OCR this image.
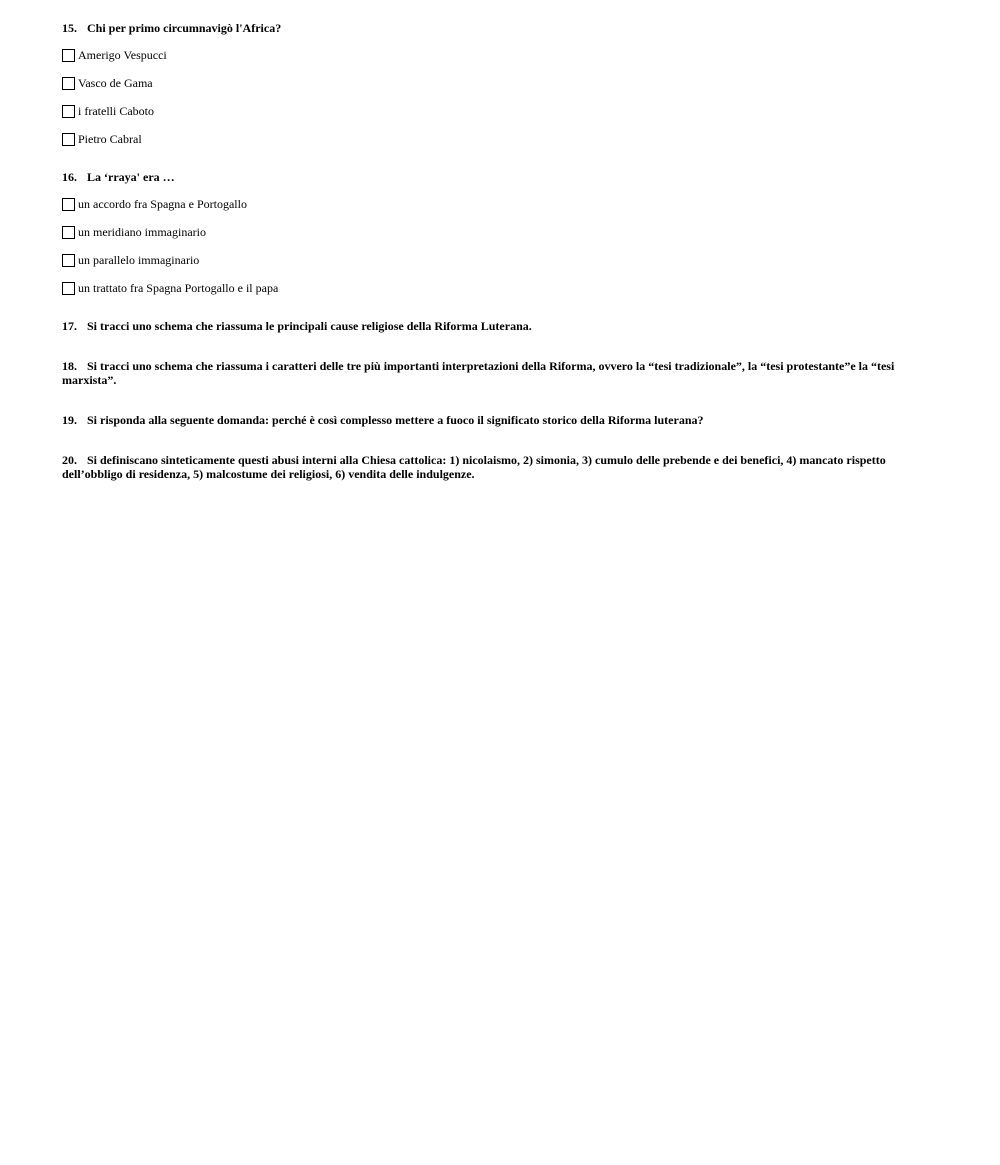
15. Chi per primo circumnavigò l'Africa?

Amerigo Vespucci
Vasco de Gama
i fratelli Caboto
Pietro Cabral

16. La ‘rraya' era …

un accordo fra Spagna e Portogallo
un meridiano immaginario
un parallelo immaginario
un trattato fra Spagna Portogallo e il papa

17. Si tracci uno schema che riassuma le principali cause religiose della Riforma Luterana.

18. Si tracci uno schema che riassuma i caratteri delle tre più importanti interpretazioni della Riforma, ovvero la “tesi tradizionale”, la “tesi protestante”e la “tesi marxista”.

19. Si risponda alla seguente domanda: perché è così complesso mettere a fuoco il significato storico della Riforma luterana?

20. Si definiscano sinteticamente questi abusi interni alla Chiesa cattolica: 1) nicolaismo, 2) simonia, 3) cumulo delle prebende e dei benefici, 4) mancato rispetto dell’obbligo di residenza, 5) malcostume dei religiosi, 6) vendita delle indulgenze.
